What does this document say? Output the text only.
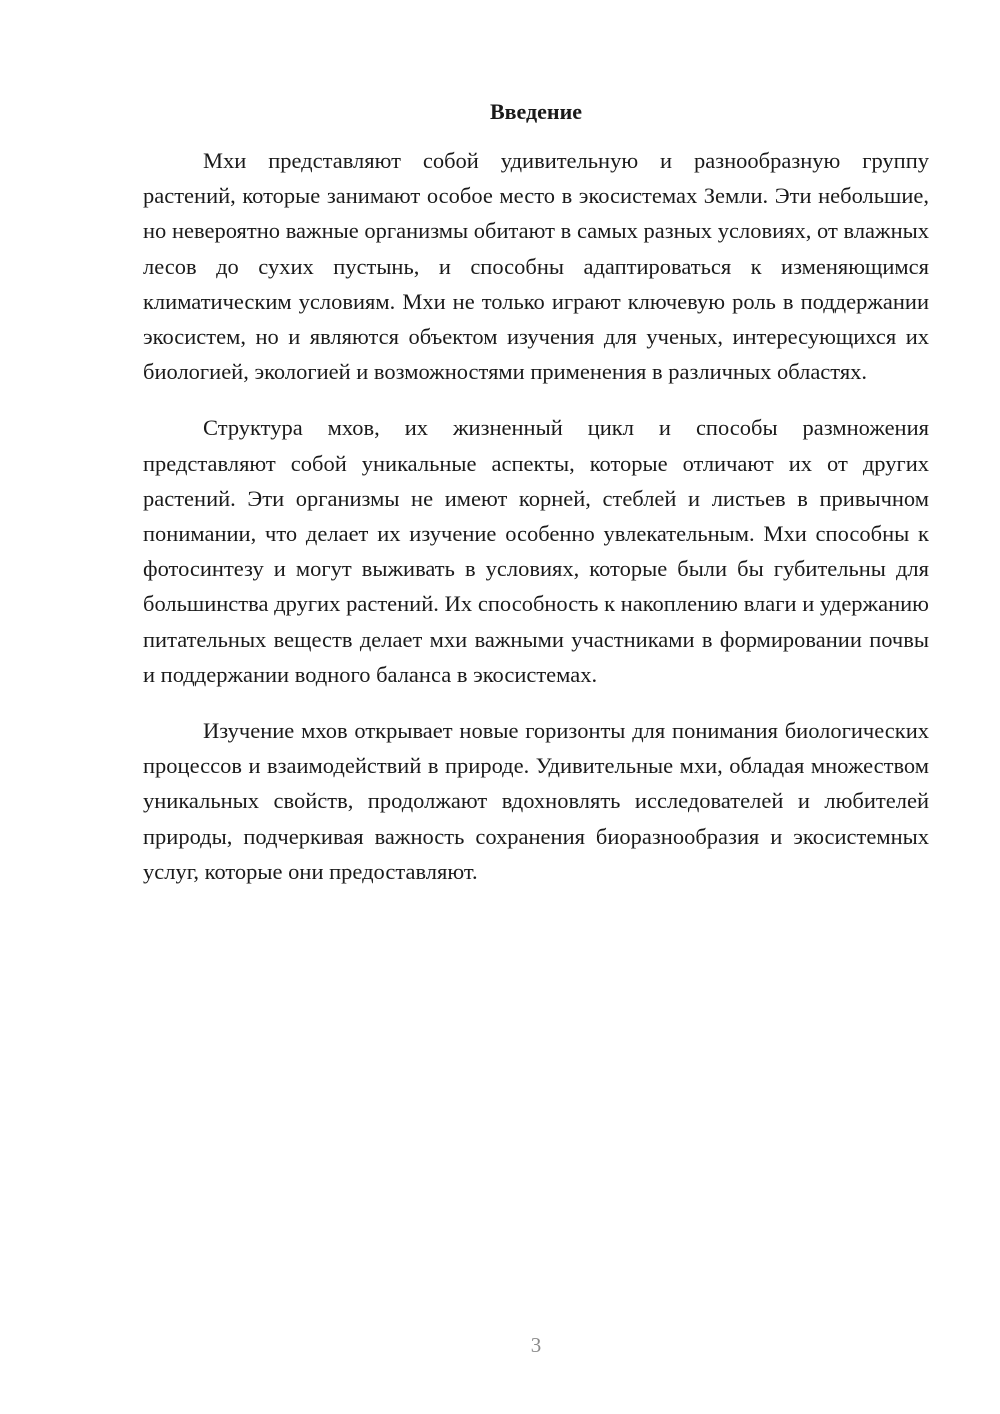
Введение

Мхи представляют собой удивительную и разнообразную группу растений, которые занимают особое место в экосистемах Земли. Эти небольшие, но невероятно важные организмы обитают в самых разных условиях, от влажных лесов до сухих пустынь, и способны адаптироваться к изменяющимся климатическим условиям. Мхи не только играют ключевую роль в поддержании экосистем, но и являются объектом изучения для ученых, интересующихся их биологией, экологией и возможностями применения в различных областях.

Структура мхов, их жизненный цикл и способы размножения представляют собой уникальные аспекты, которые отличают их от других растений. Эти организмы не имеют корней, стеблей и листьев в привычном понимании, что делает их изучение особенно увлекательным. Мхи способны к фотосинтезу и могут выживать в условиях, которые были бы губительны для большинства других растений. Их способность к накоплению влаги и удержанию питательных веществ делает мхи важными участниками в формировании почвы и поддержании водного баланса в экосистемах.

Изучение мхов открывает новые горизонты для понимания биологических процессов и взаимодействий в природе. Удивительные мхи, обладая множеством уникальных свойств, продолжают вдохновлять исследователей и любителей природы, подчеркивая важность сохранения биоразнообразия и экосистемных услуг, которые они предоставляют.

3
